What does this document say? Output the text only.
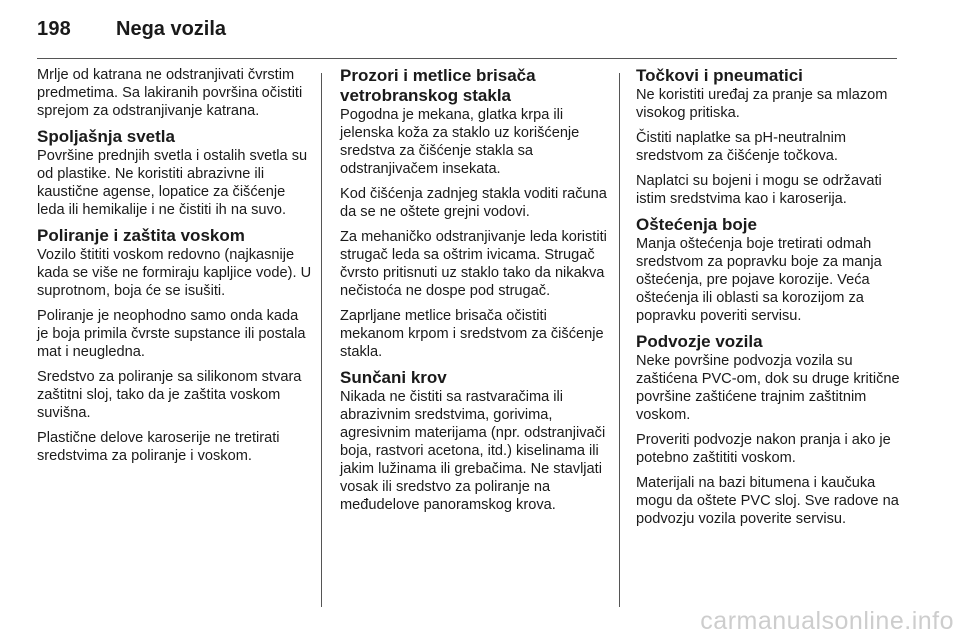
198 Nega vozila

Mrlje od katrana ne odstranjivati čvrstim predmetima. Sa lakiranih površina očistiti sprejom za odstranjivanje katrana.

Spoljašnja svetla

Površine prednjih svetla i ostalih svetla su od plastike. Ne koristiti abrazivne ili kaustične agense, lopatice za čišćenje leda ili hemikalije i ne čistiti ih na suvo.

Poliranje i zaštita voskom

Vozilo štititi voskom redovno (najkasnije kada se više ne formiraju kapljice vode). U suprotnom, boja će se isušiti.

Poliranje je neophodno samo onda kada je boja primila čvrste supstance ili postala mat i neugledna.

Sredstvo za poliranje sa silikonom stvara zaštitni sloj, tako da je zaštita voskom suvišna.

Plastične delove karoserije ne tretirati sredstvima za poliranje i voskom.

Prozori i metlice brisača vetrobranskog stakla

Pogodna je mekana, glatka krpa ili jelenska koža za staklo uz korišćenje sredstva za čišćenje stakla sa odstranjivačem insekata.

Kod čišćenja zadnjeg stakla voditi računa da se ne oštete grejni vodovi.

Za mehaničko odstranjivanje leda koristiti strugač leda sa oštrim ivicama. Strugač čvrsto pritisnuti uz staklo tako da nikakva nečistoća ne dospe pod strugač.

Zaprljane metlice brisača očistiti mekanom krpom i sredstvom za čišćenje stakla.

Sunčani krov

Nikada ne čistiti sa rastvaračima ili abrazivnim sredstvima, gorivima, agresivnim materijama (npr. odstranjivači boja, rastvori acetona, itd.) kiselinama ili jakim lužinama ili grebačima. Ne stavljati vosak ili sredstvo za poliranje na međudelove panoramskog krova.

Točkovi i pneumatici

Ne koristiti uređaj za pranje sa mlazom visokog pritiska.

Čistiti naplatke sa pH-neutralnim sredstvom za čišćenje točkova.

Naplatci su bojeni i mogu se održavati istim sredstvima kao i karoserija.

Oštećenja boje

Manja oštećenja boje tretirati odmah sredstvom za popravku boje za manja oštećenja, pre pojave korozije. Veća oštećenja ili oblasti sa korozijom za popravku poveriti servisu.

Podvozje vozila

Neke površine podvozja vozila su zaštićena PVC-om, dok su druge kritične površine zaštićene trajnim zaštitnim voskom.

Proveriti podvozje nakon pranja i ako je potebno zaštititi voskom.

Materijali na bazi bitumena i kaučuka mogu da oštete PVC sloj. Sve radove na podvozju vozila poverite servisu.

carmanualsonline.info
